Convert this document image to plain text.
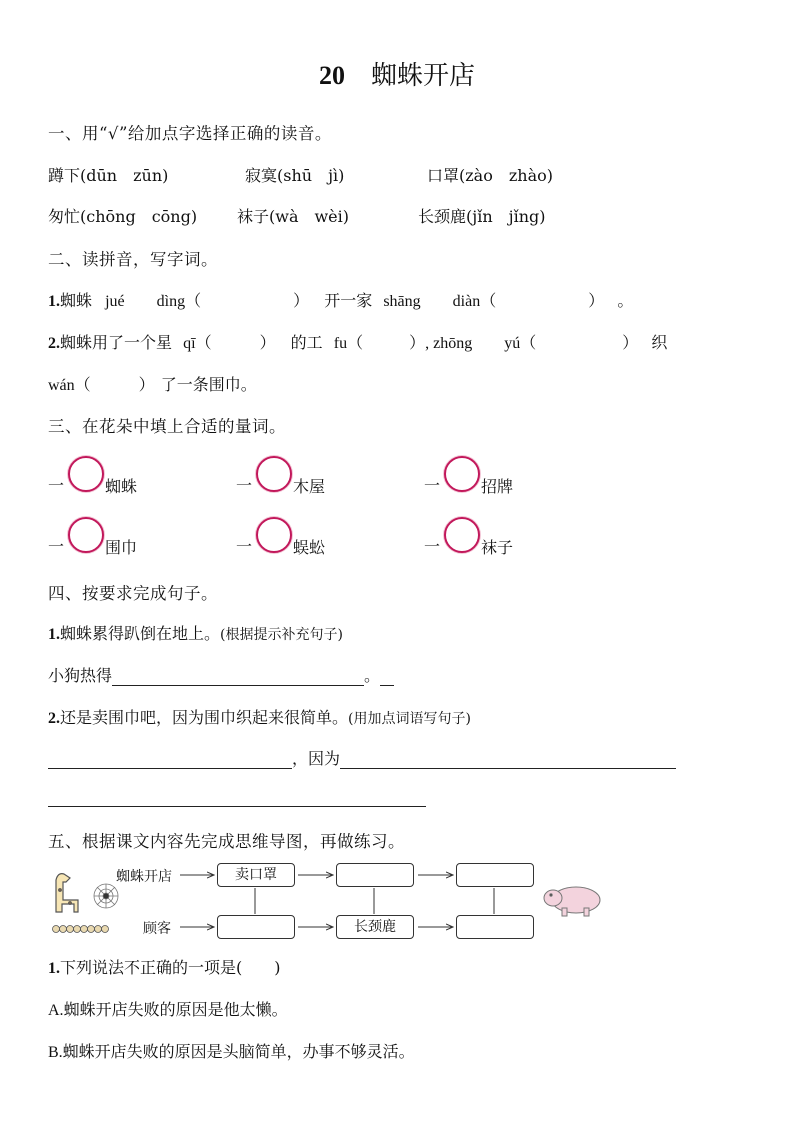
20 蜘蛛开店
一、用“√”给加点字选择正确的读音。
蹲下(dūn　zūn)	寂寞(shū　jì)	口罩(zào　zhào)
匆忙(chōng　cōng) 袜子(wà　wèi)	长颈鹿(jǐn　jǐng)
二、读拼音，写字词。
1.蜘蛛 jué　　dìng（	） 开一家 shāng　　diàn（	） 。
2.蜘蛛用了一个星 qī（	） 的工 fu（	）, zhōng　　yú（	） 织
wán（	） 了一条围巾。
三、在花朵中填上合适的量词。
一	蜘蛛	一	木屋	一	招牌
一	围巾	一	蜈蚣	一	袜子
四、按要求完成句子。
1.蜘蛛累得趴倒在地上。(根据提示补充句子)
小狗热得	。
2.还是卖围巾吧，因为围巾织起来很简单。(用加点词语写句子)
，因为
五、根据课文内容先完成思维导图，再做练习。
蜘蛛开店
顾客
卖口罩
长颈鹿
1.下列说法不正确的一项是(　　)
A.蜘蛛开店失败的原因是他太懒。
B.蜘蛛开店失败的原因是头脑简单，办事不够灵活。
